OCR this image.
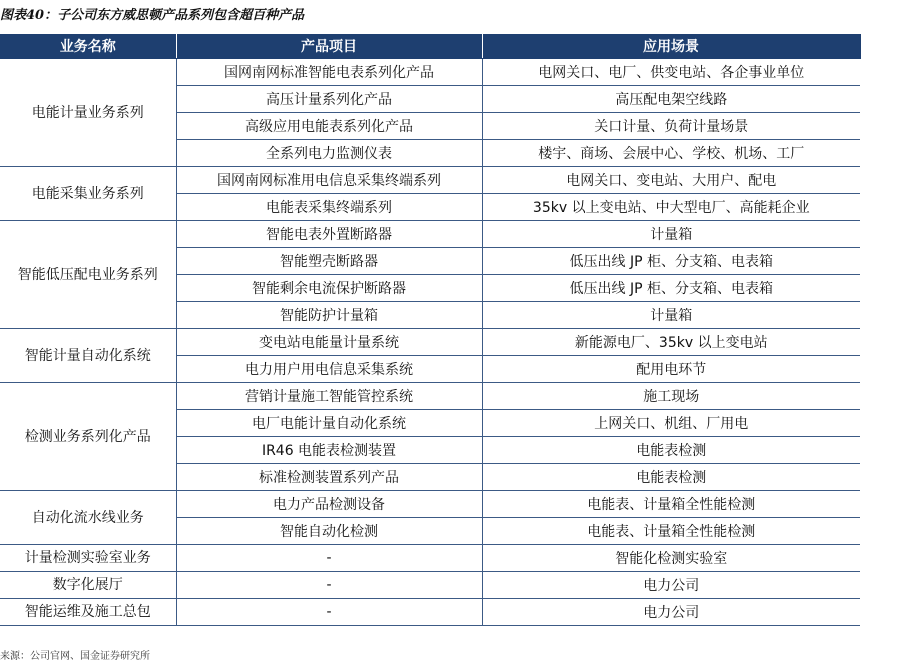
图表40：子公司东方威思顿产品系列包含超百种产品
业务名称	产品项目	应用场景
电能计量业务系列	国网南网标准智能电表系列化产品	电网关口、电厂、供变电站、各企事业单位
	高压计量系列化产品	高压配电架空线路
	高级应用电能表系列化产品	关口计量、负荷计量场景
	全系列电力监测仪表	楼宇、商场、会展中心、学校、机场、工厂
电能采集业务系列	国网南网标准用电信息采集终端系列	电网关口、变电站、大用户、配电
	电能表采集终端系列	35kv 以上变电站、中大型电厂、高能耗企业
智能低压配电业务系列	智能电表外置断路器	计量箱
	智能塑壳断路器	低压出线 JP 柜、分支箱、电表箱
	智能剩余电流保护断路器	低压出线 JP 柜、分支箱、电表箱
	智能防护计量箱	计量箱
智能计量自动化系统	变电站电能量计量系统	新能源电厂、35kv 以上变电站
	电力用户用电信息采集系统	配用电环节
检测业务系列化产品	营销计量施工智能管控系统	施工现场
	电厂电能计量自动化系统	上网关口、机组、厂用电
	IR46 电能表检测装置	电能表检测
	标准检测装置系列产品	电能表检测
自动化流水线业务	电力产品检测设备	电能表、计量箱全性能检测
	智能自动化检测	电能表、计量箱全性能检测
计量检测实验室业务	-	智能化检测实验室
数字化展厅	-	电力公司
智能运维及施工总包	-	电力公司
来源：公司官网、国金证券研究所
